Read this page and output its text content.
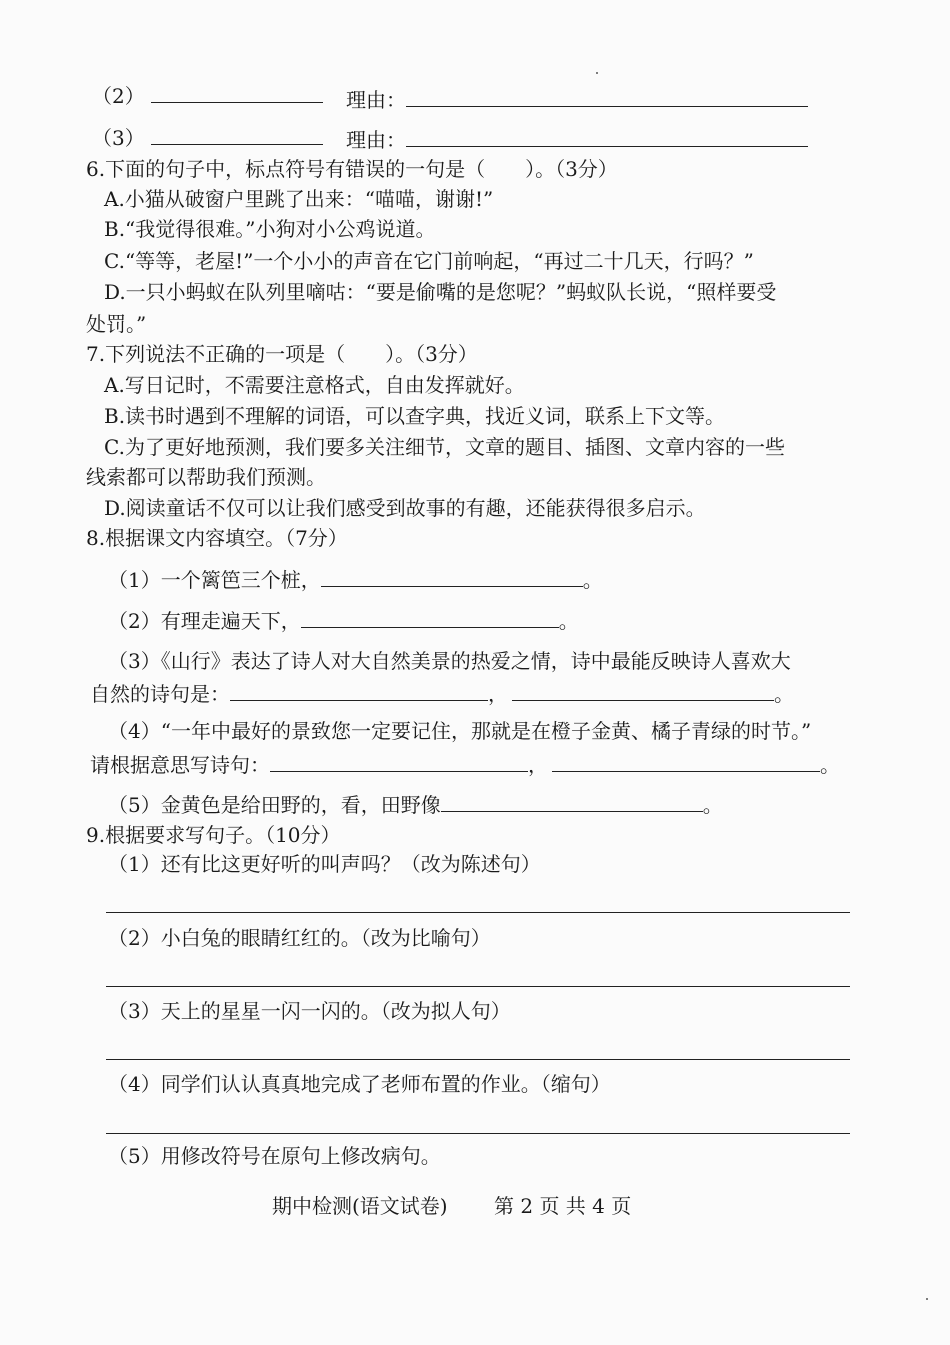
（2）	理由：
（3）	理由：
6.下面的句子中，标点符号有错误的一句是（　　）。（3分）
A.小猫从破窗户里跳了出来：“喵喵，谢谢!”
B.“我觉得很难。”小狗对小公鸡说道。
C.“等等，老屋!”一个小小的声音在它门前响起，“再过二十几天，行吗？”
D.一只小蚂蚁在队列里嘀咕：“要是偷嘴的是您呢？”蚂蚁队长说，“照样要受
处罚。”
7.下列说法不正确的一项是（　　）。（3分）
A.写日记时，不需要注意格式，自由发挥就好。
B.读书时遇到不理解的词语，可以查字典，找近义词，联系上下文等。
C.为了更好地预测，我们要多关注细节，文章的题目、插图、文章内容的一些
线索都可以帮助我们预测。
D.阅读童话不仅可以让我们感受到故事的有趣，还能获得很多启示。
8.根据课文内容填空。（7分）
（1）一个篱笆三个桩，	。
（2）有理走遍天下，	。
（3）《山行》表达了诗人对大自然美景的热爱之情，诗中最能反映诗人喜欢大
自然的诗句是：	，	。
（4）“一年中最好的景致您一定要记住，那就是在橙子金黄、橘子青绿的时节。”
请根据意思写诗句：	，	。
（5）金黄色是给田野的，看，田野像	。
9.根据要求写句子。（10分）
（1）还有比这更好听的叫声吗？（改为陈述句）
（2）小白兔的眼睛红红的。（改为比喻句）
（3）天上的星星一闪一闪的。（改为拟人句）
（4）同学们认认真真地完成了老师布置的作业。（缩句）
（5）用修改符号在原句上修改病句。
期中检测(语文试卷) 第 2 页 共 4 页
